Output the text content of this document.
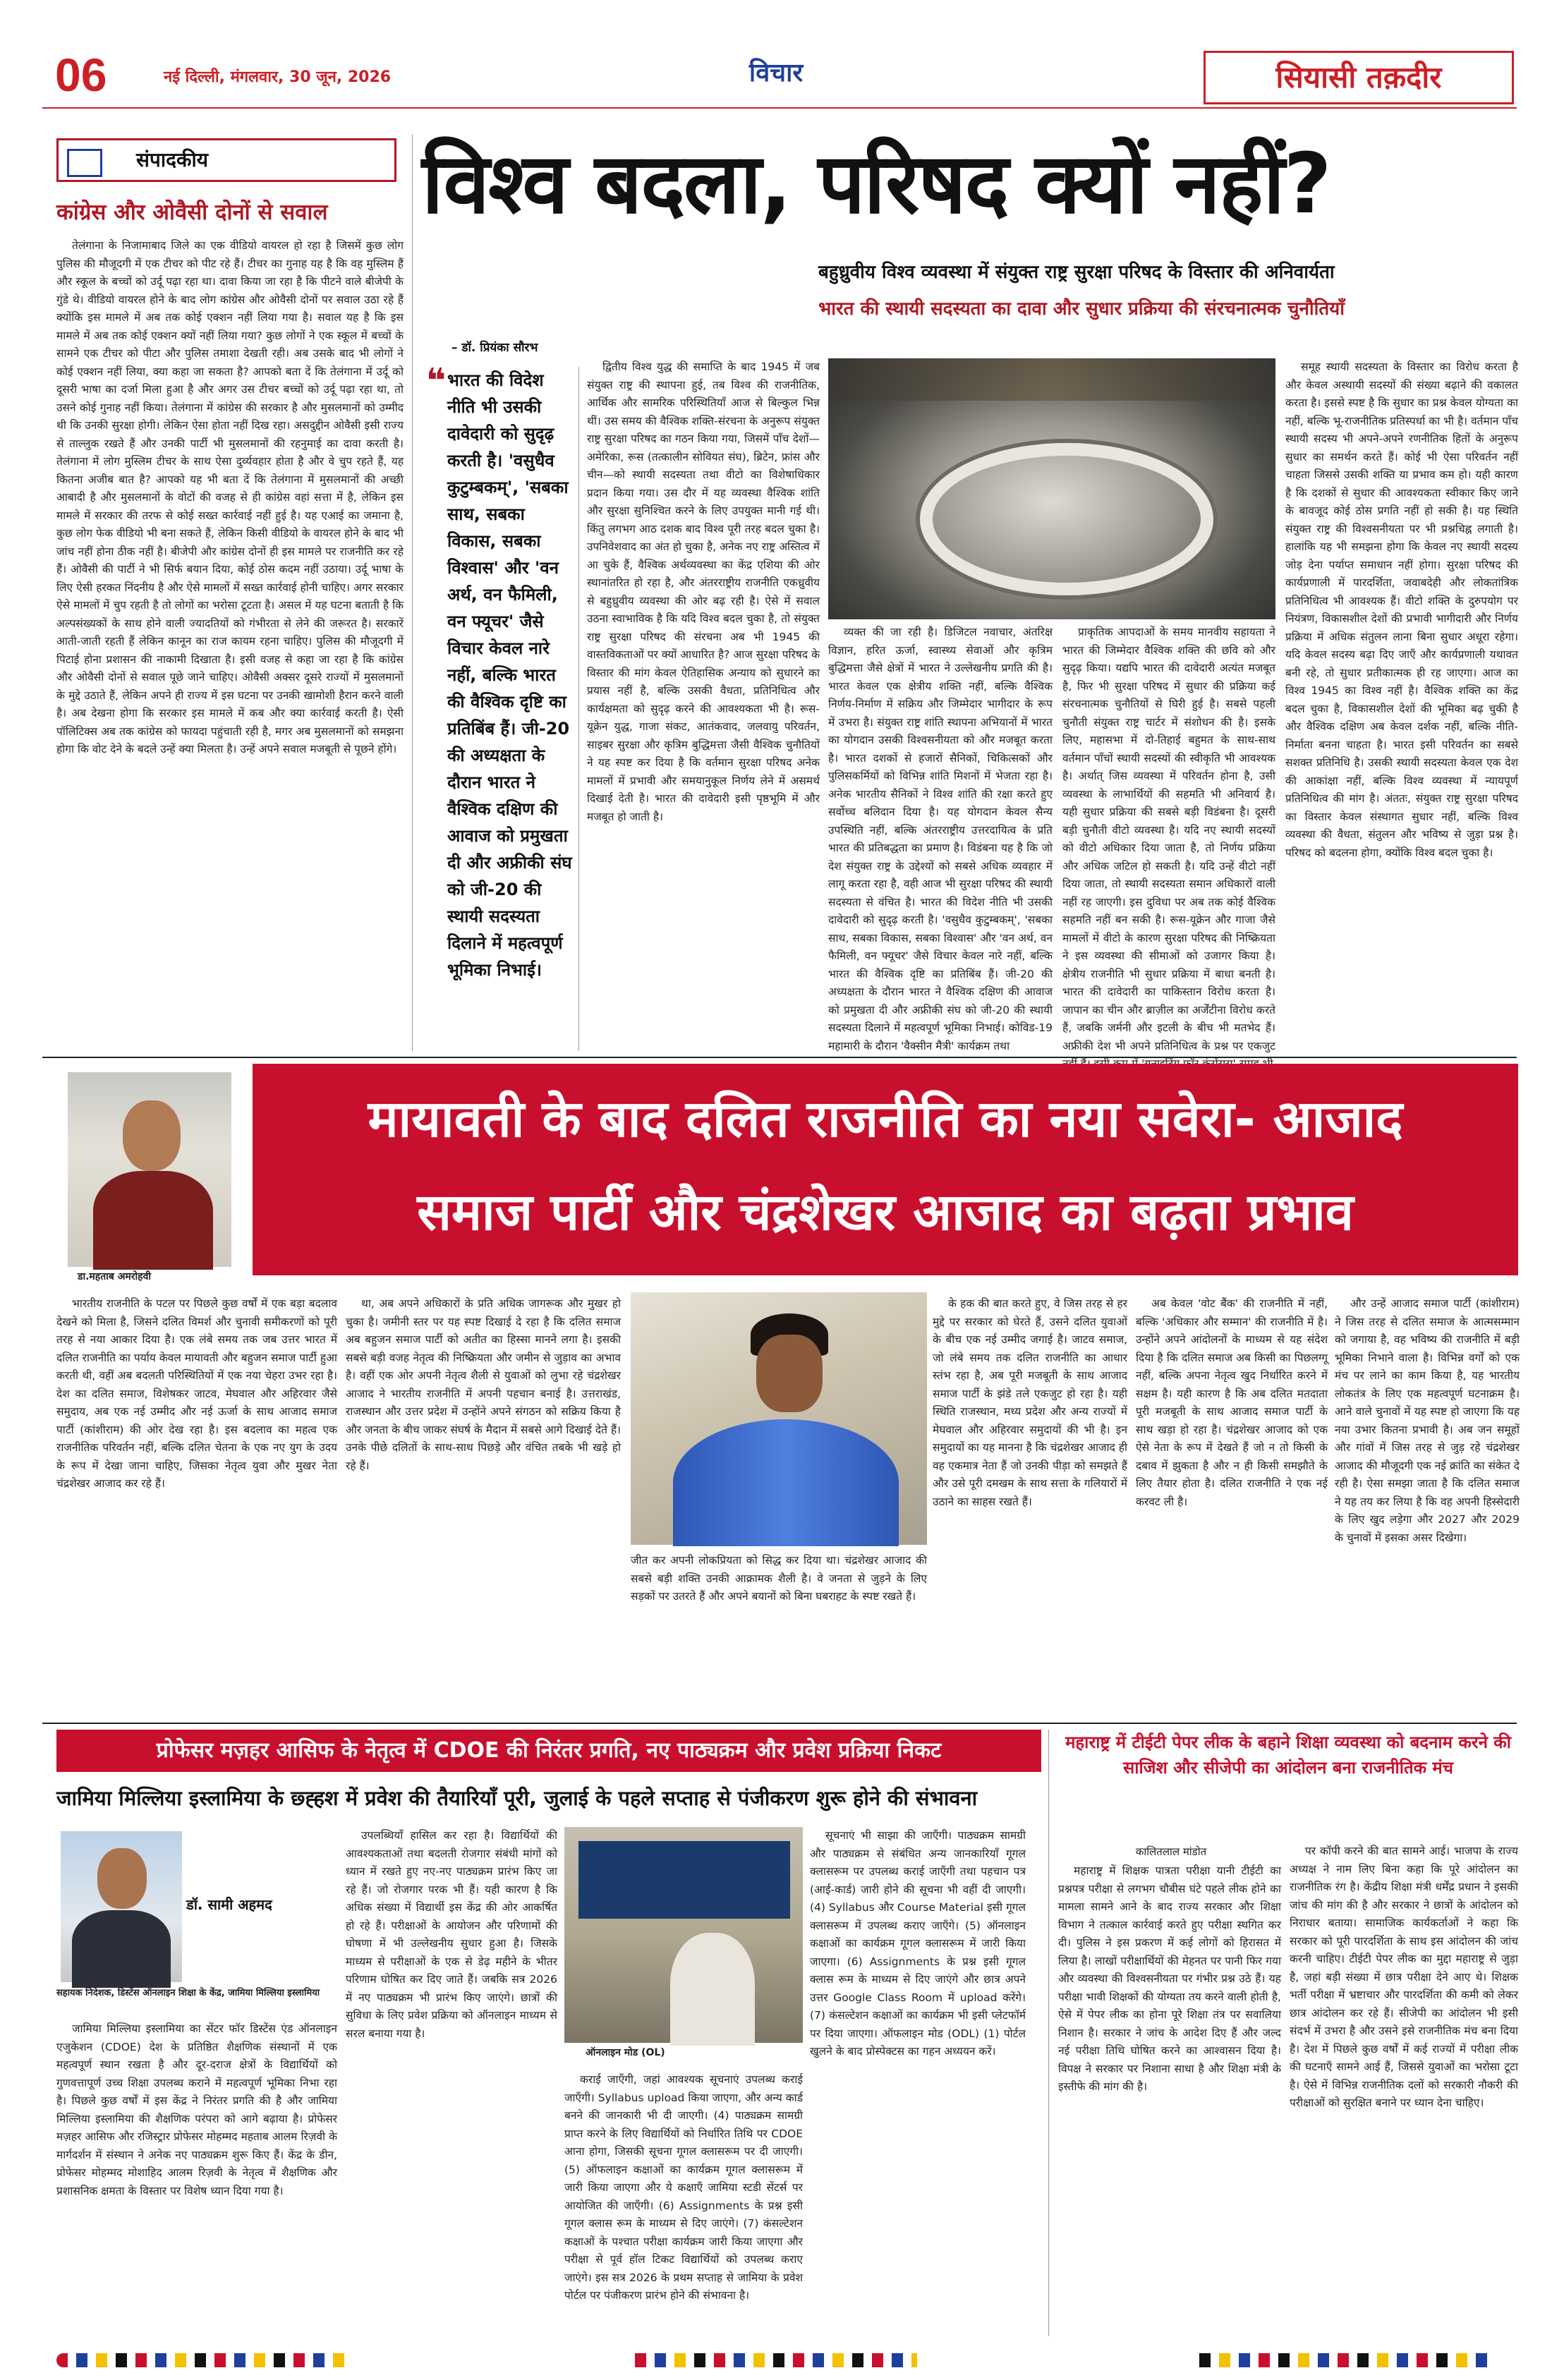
06	नई दिल्ली, मंगलवार, 30 जून, 2026	विचार	सियासी तक़दीर
संपादकीय
कांग्रेस और ओवैसी दोनों से सवाल

तेलंगाना के निजामाबाद जिले का एक वीडियो वायरल हो रहा है जिसमें कुछ लोग पुलिस की मौजूदगी में एक टीचर को पीट रहे हैं। टीचर का गुनाह यह है कि वह मुस्लिम हैं और स्कूल के बच्चों को उर्दू पढ़ा रहा था। दावा किया जा रहा है कि पीटने वाले बीजेपी के गुंडे थे। वीडियो वायरल होने के बाद लोग कांग्रेस और ओवैसी दोनों पर सवाल उठा रहे हैं क्योंकि इस मामले में अब तक कोई एक्शन नहीं लिया गया है। सवाल यह है कि इस मामले में अब तक कोई एक्शन क्यों नहीं लिया गया? कुछ लोगों ने एक स्कूल में बच्चों के सामने एक टीचर को पीटा और पुलिस तमाशा देखती रही। अब उसके बाद भी लोगों ने कोई एक्शन नहीं लिया, क्या कहा जा सकता है? आपको बता दें कि तेलंगाना में उर्दू को दूसरी भाषा का दर्जा मिला हुआ है और अगर उस टीचर बच्चों को उर्दू पढ़ा रहा था, तो उसने कोई गुनाह नहीं किया। तेलंगाना में कांग्रेस की सरकार है और मुसलमानों को उम्मीद थी कि उनकी सुरक्षा होगी। लेकिन ऐसा होता नहीं दिख रहा। असदुद्दीन ओवैसी इसी राज्य से ताल्लुक रखते हैं और उनकी पार्टी भी मुसलमानों की रहनुमाई का दावा करती है। तेलंगाना में लोग मुस्लिम टीचर के साथ ऐसा दुर्व्यवहार होता है और वे चुप रहते हैं, यह कितना अजीब बात है? आपको यह भी बता दें कि तेलंगाना में मुसलमानों की अच्छी आबादी है और मुसलमानों के वोटों की वजह से ही कांग्रेस वहां सत्ता में है, लेकिन इस मामले में सरकार की तरफ से कोई सख्त कार्रवाई नहीं हुई है। यह एआई का जमाना है, कुछ लोग फेक वीडियो भी बना सकते हैं, लेकिन किसी वीडियो के वायरल होने के बाद भी जांच नहीं होना ठीक नहीं है। बीजेपी और कांग्रेस दोनों ही इस मामले पर राजनीति कर रहे हैं। ओवैसी की पार्टी ने भी सिर्फ बयान दिया, कोई ठोस कदम नहीं उठाया। उर्दू भाषा के लिए ऐसी हरकत निंदनीय है और ऐसे मामलों में सख्त कार्रवाई होनी चाहिए। अगर सरकार ऐसे मामलों में चुप रहती है तो लोगों का भरोसा टूटता है। असल में यह घटना बताती है कि अल्पसंख्यकों के साथ होने वाली ज्यादतियों को गंभीरता से लेने की जरूरत है। सरकारें आती-जाती रहती हैं लेकिन कानून का राज कायम रहना चाहिए। पुलिस की मौजूदगी में पिटाई होना प्रशासन की नाकामी दिखाता है। इसी वजह से कहा जा रहा है कि कांग्रेस और ओवैसी दोनों से सवाल पूछे जाने चाहिए। ओवैसी अक्सर दूसरे राज्यों में मुसलमानों के मुद्दे उठाते हैं, लेकिन अपने ही राज्य में इस घटना पर उनकी खामोशी हैरान करने वाली है। अब देखना होगा कि सरकार इस मामले में कब और क्या कार्रवाई करती है। ऐसी पॉलिटिक्स अब तक कांग्रेस को फायदा पहुंचाती रही है, मगर अब मुसलमानों को समझना होगा कि वोट देने के बदले उन्हें क्या मिलता है। उन्हें अपने सवाल मजबूती से पूछने होंगे।

विश्व बदला, परिषद क्यों नहीं?
बहुध्रुवीय विश्व व्यवस्था में संयुक्त राष्ट्र सुरक्षा परिषद के विस्तार की अनिवार्यता
भारत की स्थायी सदस्यता का दावा और सुधार प्रक्रिया की संरचनात्मक चुनौतियाँ
– डॉ. प्रियंका सौरभ
❝ भारत की विदेश नीति भी उसकी दावेदारी को सुदृढ़ करती है। 'वसुधैव कुटुम्बकम्', 'सबका साथ, सबका विकास, सबका विश्वास' और 'वन अर्थ, वन फैमिली, वन फ्यूचर' जैसे विचार केवल नारे नहीं, बल्कि भारत की वैश्विक दृष्टि का प्रतिबिंब हैं। जी-20 की अध्यक्षता के दौरान भारत ने वैश्विक दक्षिण की आवाज को प्रमुखता दी और अफ्रीकी संघ को जी-20 की स्थायी सदस्यता दिलाने में महत्वपूर्ण भूमिका निभाई।

द्वितीय विश्व युद्ध की समाप्ति के बाद 1945 में जब संयुक्त राष्ट्र की स्थापना हुई, तब विश्व की राजनीतिक, आर्थिक और सामरिक परिस्थितियाँ आज से बिल्कुल भिन्न थीं। उस समय की वैश्विक शक्ति-संरचना के अनुरूप संयुक्त राष्ट्र सुरक्षा परिषद का गठन किया गया, जिसमें पाँच देशों—अमेरिका, रूस (तत्कालीन सोवियत संघ), ब्रिटेन, फ्रांस और चीन—को स्थायी सदस्यता तथा वीटो का विशेषाधिकार प्रदान किया गया। उस दौर में यह व्यवस्था वैश्विक शांति और सुरक्षा सुनिश्चित करने के लिए उपयुक्त मानी गई थी। किंतु लगभग आठ दशक बाद विश्व पूरी तरह बदल चुका है। उपनिवेशवाद का अंत हो चुका है, अनेक नए राष्ट्र अस्तित्व में आ चुके हैं, वैश्विक अर्थव्यवस्था का केंद्र एशिया की ओर स्थानांतरित हो रहा है, और अंतरराष्ट्रीय राजनीति एकध्रुवीय से बहुध्रुवीय व्यवस्था की ओर बढ़ रही है। ऐसे में सवाल उठना स्वाभाविक है कि यदि विश्व बदल चुका है, तो संयुक्त राष्ट्र सुरक्षा परिषद की संरचना अब भी 1945 की वास्तविकताओं पर क्यों आधारित है? आज सुरक्षा परिषद के विस्तार की मांग केवल ऐतिहासिक अन्याय को सुधारने का प्रयास नहीं है, बल्कि उसकी वैधता, प्रतिनिधित्व और कार्यक्षमता को सुदृढ़ करने की आवश्यकता भी है। रूस-यूक्रेन युद्ध, गाजा संकट, आतंकवाद, जलवायु परिवर्तन, साइबर सुरक्षा और कृत्रिम बुद्धिमत्ता जैसी वैश्विक चुनौतियों ने यह स्पष्ट कर दिया है कि वर्तमान सुरक्षा परिषद अनेक मामलों में प्रभावी और समयानुकूल निर्णय लेने में असमर्थ दिखाई देती है। भारत की दावेदारी इसी पृष्ठभूमि में और मजबूत हो जाती है।

व्यक्त की जा रही है। डिजिटल नवाचार, अंतरिक्ष विज्ञान, हरित ऊर्जा, स्वास्थ्य सेवाओं और कृत्रिम बुद्धिमत्ता जैसे क्षेत्रों में भारत ने उल्लेखनीय प्रगति की है। भारत केवल एक क्षेत्रीय शक्ति नहीं, बल्कि वैश्विक निर्णय-निर्माण में सक्रिय और जिम्मेदार भागीदार के रूप में उभरा है। संयुक्त राष्ट्र शांति स्थापना अभियानों में भारत का योगदान उसकी विश्वसनीयता को और मजबूत करता है। भारत दशकों से हजारों सैनिकों, चिकित्सकों और पुलिसकर्मियों को विभिन्न शांति मिशनों में भेजता रहा है। अनेक भारतीय सैनिकों ने विश्व शांति की रक्षा करते हुए सर्वोच्च बलिदान दिया है। यह योगदान केवल सैन्य उपस्थिति नहीं, बल्कि अंतरराष्ट्रीय उत्तरदायित्व के प्रति भारत की प्रतिबद्धता का प्रमाण है। विडंबना यह है कि जो देश संयुक्त राष्ट्र के उद्देश्यों को सबसे अधिक व्यवहार में लागू करता रहा है, वही आज भी सुरक्षा परिषद की स्थायी सदस्यता से वंचित है। भारत की विदेश नीति भी उसकी दावेदारी को सुदृढ़ करती है। 'वसुधैव कुटुम्बकम्', 'सबका साथ, सबका विकास, सबका विश्वास' और 'वन अर्थ, वन फैमिली, वन फ्यूचर' जैसे विचार केवल नारे नहीं, बल्कि भारत की वैश्विक दृष्टि का प्रतिबिंब हैं। जी-20 की अध्यक्षता के दौरान भारत ने वैश्विक दक्षिण की आवाज को प्रमुखता दी और अफ्रीकी संघ को जी-20 की स्थायी सदस्यता दिलाने में महत्वपूर्ण भूमिका निभाई। कोविड-19 महामारी के दौरान 'वैक्सीन मैत्री' कार्यक्रम तथा

प्राकृतिक आपदाओं के समय मानवीय सहायता ने भारत की जिम्मेदार वैश्विक शक्ति की छवि को और सुदृढ़ किया। यद्यपि भारत की दावेदारी अत्यंत मजबूत है, फिर भी सुरक्षा परिषद में सुधार की प्रक्रिया कई संरचनात्मक चुनौतियों से घिरी हुई है। सबसे पहली चुनौती संयुक्त राष्ट्र चार्टर में संशोधन की है। इसके लिए, महासभा में दो-तिहाई बहुमत के साथ-साथ वर्तमान पाँचों स्थायी सदस्यों की स्वीकृति भी आवश्यक है। अर्थात् जिस व्यवस्था में परिवर्तन होना है, उसी व्यवस्था के लाभार्थियों की सहमति भी अनिवार्य है। यही सुधार प्रक्रिया की सबसे बड़ी विडंबना है। दूसरी बड़ी चुनौती वीटो व्यवस्था है। यदि नए स्थायी सदस्यों को वीटो अधिकार दिया जाता है, तो निर्णय प्रक्रिया और अधिक जटिल हो सकती है। यदि उन्हें वीटो नहीं दिया जाता, तो स्थायी सदस्यता समान अधिकारों वाली नहीं रह जाएगी। इस दुविधा पर अब तक कोई वैश्विक सहमति नहीं बन सकी है। रूस-यूक्रेन और गाजा जैसे मामलों में वीटो के कारण सुरक्षा परिषद की निष्क्रियता ने इस व्यवस्था की सीमाओं को उजागर किया है। क्षेत्रीय राजनीति भी सुधार प्रक्रिया में बाधा बनती है। भारत की दावेदारी का पाकिस्तान विरोध करता है। जापान का चीन और ब्राज़ील का अर्जेंटीना विरोध करते हैं, जबकि जर्मनी और इटली के बीच भी मतभेद हैं। अफ्रीकी देश भी अपने प्रतिनिधित्व के प्रश्न पर एकजुट

समूह स्थायी सदस्यता के विस्तार का विरोध करता है और केवल अस्थायी सदस्यों की संख्या बढ़ाने की वकालत करता है। इससे स्पष्ट है कि सुधार का प्रश्न केवल योग्यता का नहीं, बल्कि भू-राजनीतिक प्रतिस्पर्धा का भी है। वर्तमान पाँच स्थायी सदस्य भी अपने-अपने रणनीतिक हितों के अनुरूप सुधार का समर्थन करते हैं। कोई भी ऐसा परिवर्तन नहीं चाहता जिससे उसकी शक्ति या प्रभाव कम हो। यही कारण है कि दशकों से सुधार की आवश्यकता स्वीकार किए जाने के बावजूद कोई ठोस प्रगति नहीं हो सकी है। यह स्थिति संयुक्त राष्ट्र की विश्वसनीयता पर भी प्रश्नचिह्न लगाती है। हालांकि यह भी समझना होगा कि केवल नए स्थायी सदस्य जोड़ देना पर्याप्त समाधान नहीं होगा। सुरक्षा परिषद की कार्यप्रणाली में पारदर्शिता, जवाबदेही और लोकतांत्रिक प्रतिनिधित्व भी आवश्यक हैं। वीटो शक्ति के दुरुपयोग पर नियंत्रण, विकासशील देशों की प्रभावी भागीदारी और निर्णय प्रक्रिया में अधिक संतुलन लाना बिना सुधार अधूरा रहेगा। यदि केवल सदस्य बढ़ा दिए जाएँ और कार्यप्रणाली यथावत बनी रहे, तो सुधार प्रतीकात्मक ही रह जाएगा। आज का विश्व 1945 का विश्व नहीं है। वैश्विक शक्ति का केंद्र बदल चुका है, विकासशील देशों की भूमिका बढ़ चुकी है और वैश्विक दक्षिण अब केवल दर्शक नहीं, बल्कि नीति-निर्माता बनना चाहता है। भारत इसी परिवर्तन का सबसे सशक्त प्रतिनिधि है। उसकी स्थायी सदस्यता केवल एक देश की आकांक्षा नहीं, बल्कि विश्व व्यवस्था में न्यायपूर्ण प्रतिनिधित्व की मांग है। अंततः, संयुक्त राष्ट्र सुरक्षा परिषद का विस्तार केवल संस्थागत सुधार नहीं, बल्कि विश्व व्यवस्था की वैधता, संतुलन और भविष्य से जुड़ा प्रश्न है। परिषद को बदलना होगा, क्योंकि विश्व बदल चुका है।

डा.महताब अमरोहवी
मायावती के बाद दलित राजनीति का नया सवेरा- आजाद
समाज पार्टी और चंद्रशेखर आजाद का बढ़ता प्रभाव

भारतीय राजनीति के पटल पर पिछले कुछ वर्षों में एक बड़ा बदलाव देखने को मिला है, जिसने दलित विमर्श और चुनावी समीकरणों को पूरी तरह से नया आकार दिया है। एक लंबे समय तक जब उत्तर भारत में दलित राजनीति का पर्याय केवल मायावती और बहुजन समाज पार्टी हुआ करती थी, वहीं अब बदलती परिस्थितियों में एक नया चेहरा उभर रहा है। देश का दलित समाज, विशेषकर जाटव, मेघवाल और अहिरवार जैसे समुदाय, अब एक नई उम्मीद और नई ऊर्जा के साथ आजाद समाज पार्टी (कांशीराम) की ओर देख रहा है। इस बदलाव का महत्व एक राजनीतिक परिवर्तन नहीं, बल्कि दलित चेतना के एक नए युग के उदय के रूप में देखा जाना चाहिए, जिसका नेतृत्व युवा और मुखर नेता चंद्रशेखर आजाद कर रहे हैं।

था, अब अपने अधिकारों के प्रति अधिक जागरूक और मुखर हो चुका है। जमीनी स्तर पर यह स्पष्ट दिखाई दे रहा है कि दलित समाज अब बहुजन समाज पार्टी को अतीत का हिस्सा मानने लगा है। इसकी सबसे बड़ी वजह नेतृत्व की निष्क्रियता और जमीन से जुड़ाव का अभाव है। वहीं एक ओर अपनी नेतृत्व शैली से युवाओं को लुभा रहे चंद्रशेखर आजाद ने भारतीय राजनीति में अपनी पहचान बनाई है। उत्तराखंड, राजस्थान और उत्तर प्रदेश में उन्होंने अपने संगठन को सक्रिय किया है और जनता के बीच जाकर संघर्ष के मैदान में सबसे आगे दिखाई देते हैं। उनके पीछे दलितों के साथ-साथ पिछड़े और वंचित तबके भी खड़े हो रहे हैं।

जीत कर अपनी लोकप्रियता को सिद्ध कर दिया था। चंद्रशेखर आजाद की सबसे बड़ी शक्ति उनकी आक्रामक शैली है। वे जनता से जुड़ने के लिए सड़कों पर उतरते हैं और अपने बयानों को बिना घबराहट के स्पष्ट रखते हैं।

के हक की बात करते हुए, वे जिस तरह से हर मुद्दे पर सरकार को घेरते हैं, उसने दलित युवाओं के बीच एक नई उम्मीद जगाई है। जाटव समाज, जो लंबे समय तक दलित राजनीति का आधार स्तंभ रहा है, अब पूरी मजबूती के साथ आजाद समाज पार्टी के झंडे तले एकजुट हो रहा है। यही स्थिति राजस्थान, मध्य प्रदेश और अन्य राज्यों में मेघवाल और अहिरवार समुदायों की भी है। इन समुदायों का यह मानना है कि चंद्रशेखर आजाद ही वह एकमात्र नेता हैं जो उनकी पीड़ा को समझते हैं और उसे पूरी दमखम के साथ सत्ता के गलियारों में उठाने का साहस रखते हैं।

अब केवल 'वोट बैंक' की राजनीति में नहीं, बल्कि 'अधिकार और सम्मान' की राजनीति में है। उन्होंने अपने आंदोलनों के माध्यम से यह संदेश दिया है कि दलित समाज अब किसी का पिछलग्गू नहीं, बल्कि अपना नेतृत्व खुद निर्धारित करने में सक्षम है। यही कारण है कि अब दलित मतदाता पूरी मजबूती के साथ आजाद समाज पार्टी के साथ खड़ा हो रहा है। चंद्रशेखर आजाद को एक ऐसे नेता के रूप में देखते हैं जो न तो किसी के दबाव में झुकता है और न ही किसी समझौते के लिए तैयार होता है। दलित राजनीति ने एक नई करवट ली है।

और उन्हें आजाद समाज पार्टी (कांशीराम) ने जिस तरह से दलित समाज के आत्मसम्मान को जगाया है, वह भविष्य की राजनीति में बड़ी भूमिका निभाने वाला है। विभिन्न वर्गों को एक मंच पर लाने का काम किया है, यह भारतीय लोकतंत्र के लिए एक महत्वपूर्ण घटनाक्रम है। आने वाले चुनावों में यह स्पष्ट हो जाएगा कि यह नया उभार कितना प्रभावी है। अब जन समूहों और गांवों में जिस तरह से जुड़ रहे चंद्रशेखर आजाद की मौजूदगी एक नई क्रांति का संकेत दे रही है। ऐसा समझा जाता है कि दलित समाज ने यह तय कर लिया है कि वह अपनी हिस्सेदारी के लिए खुद लड़ेगा और 2027 और 2029 के चुनावों में इसका असर दिखेगा।

प्रोफेसर मज़हर आसिफ के नेतृत्व में CDOE की निरंतर प्रगति, नए पाठ्यक्रम और प्रवेश प्रक्रिया निकट
जामिया मिल्लिया इस्लामिया के छ्ह्हश में प्रवेश की तैयारियाँ पूरी, जुलाई के पहले सप्ताह से पंजीकरण शुरू होने की संभावना
डॉ. सामी अहमद
सहायक निदेशक, डिस्टेंस ऑनलाइन शिक्षा के केंद्र, जामिया मिल्लिया इस्लामिया

जामिया मिल्लिया इस्लामिया का सेंटर फॉर डिस्टेंस एंड ऑनलाइन एजुकेशन (CDOE) देश के प्रतिष्ठित शैक्षणिक संस्थानों में एक महत्वपूर्ण स्थान रखता है और दूर-दराज क्षेत्रों के विद्यार्थियों को गुणवत्तापूर्ण उच्च शिक्षा उपलब्ध कराने में महत्वपूर्ण भूमिका निभा रहा है। पिछले कुछ वर्षों में इस केंद्र ने निरंतर प्रगति की है और जामिया मिल्लिया इस्लामिया की शैक्षणिक परंपरा को आगे बढ़ाया है। प्रोफेसर मज़हर आसिफ और रजिस्ट्रार प्रोफेसर मोहम्मद महताब आलम रिज़वी के मार्गदर्शन में संस्थान ने अनेक नए पाठ्यक्रम शुरू किए हैं। केंद्र के डीन, प्रोफेसर मोहम्मद मोशाहिद आलम रिज़वी के नेतृत्व में शैक्षणिक और प्रशासनिक क्षमता के विस्तार पर विशेष ध्यान दिया गया है।

उपलब्धियाँ हासिल कर रहा है। विद्यार्थियों की आवश्यकताओं तथा बदलती रोजगार संबंधी मांगों को ध्यान में रखते हुए नए-नए पाठ्यक्रम प्रारंभ किए जा रहे हैं। जो रोजगार परक भी हैं। यही कारण है कि अधिक संख्या में विद्यार्थी इस केंद्र की ओर आकर्षित हो रहे हैं। परीक्षाओं के आयोजन और परिणामों की घोषणा में भी उल्लेखनीय सुधार हुआ है। जिसके माध्यम से परीक्षाओं के एक से डेढ़ महीने के भीतर परिणाम घोषित कर दिए जाते हैं। जबकि सत्र 2026 में नए पाठ्यक्रम भी प्रारंभ किए जाएंगे। छात्रों की सुविधा के लिए प्रवेश प्रक्रिया को ऑनलाइन माध्यम से सरल बनाया गया है।

ऑनलाइन मोड (OL)

सूचनाएं भी साझा की जाएँगी। पाठ्यक्रम सामग्री और पाठ्यक्रम से संबंधित अन्य जानकारियाँ गूगल क्लासरूम पर उपलब्ध कराई जाएँगी तथा पहचान पत्र (आई-कार्ड) जारी होने की सूचना भी वहीं दी जाएगी। (4) Syllabus और Course Material इसी गूगल क्लासरूम में उपलब्ध कराए जाएँगे। (5) ऑनलाइन कक्षाओं का कार्यक्रम गूगल क्लासरूम में जारी किया जाएगा। (6) Assignments के प्रश्न इसी गूगल क्लास रूम के माध्यम से दिए जाएंगे और छात्र अपने उत्तर Google Class Room में upload करेंगे। (7) कंसल्टेशन कक्षाओं का कार्यक्रम भी इसी प्लेटफॉर्म पर दिया जाएगा। ऑफलाइन मोड (ODL) (1) पोर्टल खुलने के बाद प्रोस्पेक्टस का गहन अध्ययन करें।

कराई जाएँगी, जहां आवश्यक सूचनाएं उपलब्ध कराई जाएँगी। Syllabus upload किया जाएगा, और अन्य कार्ड बनने की जानकारी भी दी जाएगी। (4) पाठ्यक्रम सामग्री प्राप्त करने के लिए विद्यार्थियों को निर्धारित तिथि पर CDOE आना होगा, जिसकी सूचना गूगल क्लासरूम पर दी जाएगी। (5) ऑफलाइन कक्षाओं का कार्यक्रम गूगल क्लासरूम में जारी किया जाएगा और ये कक्षाएँ जामिया स्टडी सेंटर्स पर आयोजित की जाएँगी। (6) Assignments के प्रश्न इसी गूगल क्लास रूम के माध्यम से दिए जाएंगे। (7) कंसल्टेशन कक्षाओं के पश्चात परीक्षा कार्यक्रम जारी किया जाएगा और परीक्षा से पूर्व हॉल टिकट विद्यार्थियों को उपलब्ध कराए जाएंगे। इस सत्र 2026 के प्रथम सप्ताह से जामिया के प्रवेश पोर्टल पर पंजीकरण प्रारंभ होने की संभावना है।

महाराष्ट्र में टीईटी पेपर लीक के बहाने शिक्षा व्यवस्था को बदनाम करने की साजिश और सीजेपी का आंदोलन बना राजनीतिक मंच
कालितलाल मांडोत

महाराष्ट्र में शिक्षक पात्रता परीक्षा यानी टीईटी का प्रश्नपत्र परीक्षा से लगभग चौबीस घंटे पहले लीक होने का मामला सामने आने के बाद राज्य सरकार और शिक्षा विभाग ने तत्काल कार्रवाई करते हुए परीक्षा स्थगित कर दी। पुलिस ने इस प्रकरण में कई लोगों को हिरासत में लिया है। लाखों परीक्षार्थियों की मेहनत पर पानी फिर गया और व्यवस्था की विश्वसनीयता पर गंभीर प्रश्न उठे हैं। यह परीक्षा भावी शिक्षकों की योग्यता तय करने वाली होती है, ऐसे में पेपर लीक का होना पूरे शिक्षा तंत्र पर सवालिया निशान है। सरकार ने जांच के आदेश दिए हैं और जल्द नई परीक्षा तिथि घोषित करने का आश्वासन दिया है। विपक्ष ने सरकार पर निशाना साधा है और शिक्षा मंत्री के इस्तीफे की मांग की है।

पर कॉपी करने की बात सामने आई। भाजपा के राज्य अध्यक्ष ने नाम लिए बिना कहा कि पूरे आंदोलन का राजनीतिक रंग है। केंद्रीय शिक्षा मंत्री धर्मेंद्र प्रधान ने इसकी जांच की मांग की है और सरकार ने छात्रों के आंदोलन को निराधार बताया। सामाजिक कार्यकर्ताओं ने कहा कि सरकार को पूरी पारदर्शिता के साथ इस आंदोलन की जांच करनी चाहिए। टीईटी पेपर लीक का मुद्दा महाराष्ट्र से जुड़ा है, जहां बड़ी संख्या में छात्र परीक्षा देने आए थे। शिक्षक भर्ती परीक्षा में भ्रष्टाचार और पारदर्शिता की कमी को लेकर छात्र आंदोलन कर रहे हैं। सीजेपी का आंदोलन भी इसी संदर्भ में उभरा है और उसने इसे राजनीतिक मंच बना दिया है। देश में पिछले कुछ वर्षों में कई राज्यों में परीक्षा लीक की घटनाएँ सामने आई हैं, जिससे युवाओं का भरोसा टूटा है। ऐसे में विभिन्न राजनीतिक दलों को सरकारी नौकरी की परीक्षाओं को सुरक्षित बनाने पर ध्यान देना चाहिए।
